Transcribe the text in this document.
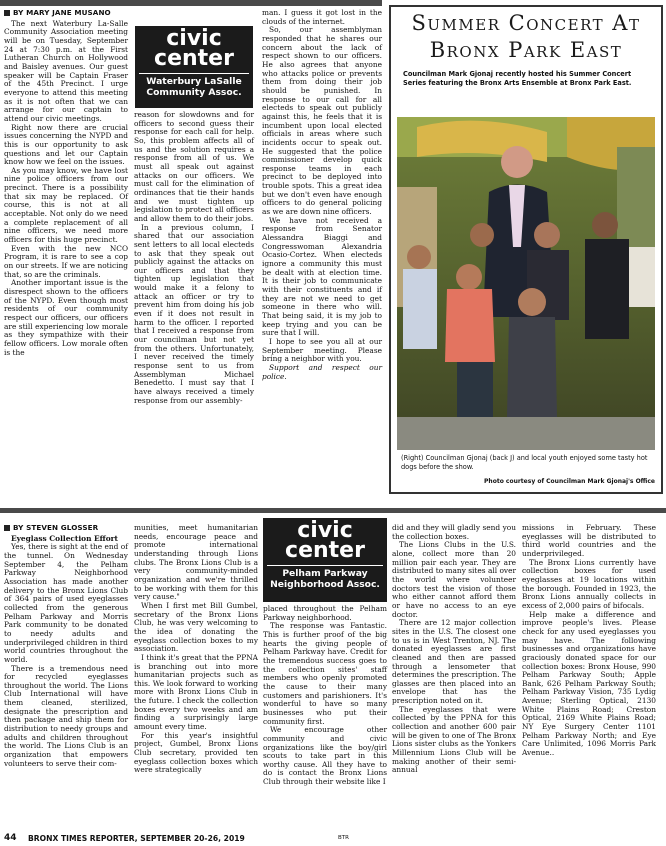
BY MARY JANE MUSANO

The next Waterbury La-Salle Community Association meeting will be on Tuesday, September 24 at 7:30 p.m. at the First Lutheran Church on Hollywood and Baisley avenues. Our guest speaker will be Captain Fraser of the 45th Precinct. I urge everyone to attend this meeting as it is not often that we can arrange for our captain to attend our civic meetings.

Right now there are crucial issues concerning the NYPD and this is our opportunity to ask questions and let our Captain know how we feel on the issues.

As you may know, we have lost nine police officers from our precinct. There is a possibility that six may be replaced. Of course, this is not at all acceptable. Not only do we need a complete replacement of all nine officers, we need more officers for this huge precinct.

Even with the new NCO Program, it is rare to see a cop on our streets. If we are noticing that, so are the criminals.

Another important issue is the disrespect shown to the officers of the NYPD. Even though most residents of our community respect our officers, our officers are still experiencing low morale as they sympathize with their fellow officers. Low morale often is the

civic
center
Waterbury LaSalle
Community Assoc.

reason for slowdowns and for officers to second guess their response for each call for help. So, this problem affects all of us and the solution requires a response from all of us. We must all speak out against attacks on our officers. We must call for the elimination of ordinances that tie their hands and we must tighten up legislation to protect all officers and allow them to do their jobs.

In a previous column, I shared that our association sent letters to all local electeds to ask that they speak out publicly against the attacks on our officers and that they tighten up legislation that would make it a felony to attack an officer or try to prevent him from doing his job even if it does not result in harm to the officer. I reported that I received a response from our councilman but not yet from the others. Unfortunately, I never received the timely response sent to us from Assemblyman Michael Benedetto. I must say that I have always received a timely response from our assembly-

man. I guess it got lost in the clouds of the internet.

So, our assemblyman responded that he shares our concern about the lack of respect shown to our officers. He also agrees that anyone who attacks police or prevents them from doing their job should be punished. In response to our call for all electeds to speak out publicly against this, he feels that it is incumbent upon local elected officials in areas where such incidents occur to speak out. He suggested that the police commissioner develop quick response teams in each precinct to be deployed into trouble spots. This a great idea but we don't even have enough officers to do general policing as we are down nine officers.

We have not received a response from Senator Alessandra Biaggi and Congresswoman Alexandria Ocasio-Cortez. When electeds ignore a community this must be dealt with at election time. It is their job to communicate with their constituents and if they are not we need to get someone in there who will. That being said, it is my job to keep trying and you can be sure that I will.

I hope to see you all at our September meeting. Please bring a neighbor with you.

Support and respect our police.

Summer Concert At
Bronx Park East
Councilman Mark Gjonaj recently hosted his Summer Concert Series featuring the Bronx Arts Ensemble at Bronx Park East.
(Right) Councilman Gjonaj (back J) and local youth enjoyed some tasty hot dogs before the show.
Photo courtesy of Councilman Mark Gjonaj's Office
BY STEVEN GLOSSER

Eyeglass Collection Effort

Yes, there is sight at the end of the tunnel. On Wednesday September 4, the Pelham Parkway Neighborhood Association has made another delivery to the Bronx Lions Club of 364 pairs of used eyeglasses collected from the generous Pelham Parkway and Morris Park community to be donated to needy adults and underprivileged children in third world countries throughout the world.

There is a tremendous need for recycled eyeglasses throughout the world. The Lions Club International will have them cleaned, sterilized, designate the prescription and then package and ship them for distribution to needy groups and adults and children throughout the world. The Lions Club is an organization that empowers volunteers to serve their com-

munities, meet humanitarian needs, encourage peace and promote international understanding through Lions clubs. The Bronx Lions Club is a very community-minded organization and we're thrilled to be working with them for this very cause."

When I first met Bill Gumbel, secretary of the Bronx Lions Club, he was very welcoming to the idea of donating the eyeglass collection boxes to my association.

I think it's great that the PPNA is branching out into more humanitarian projects such as this. We look forward to working more with Bronx Lions Club in the future. I check the collection boxes every two weeks and am finding a surprisingly large amount every time.

For this year's insightful project, Gumbel, Bronx Lions Club secretary, provided ten eyeglass collection boxes which were strategically

civic
center
Pelham Parkway
Neighborhood Assoc.

placed throughout the Pelham Parkway neighborhood.

The response was Fantastic. This is further proof of the big hearts the giving people of Pelham Parkway have. Credit for the tremendous success goes to the collection sites' staff members who openly promoted the cause to their many customers and parishioners. It's wonderful to have so many businesses who put their community first.

We encourage other community and civic organizations like the boy/girl scouts to take part in this worthy cause. All they have to do is contact the Bronx Lions Club through their website like I

did and they will gladly send you the collection boxes.

The Lions Clubs in the U.S. alone, collect more than 20 million pair each year. They are distributed to many sites all over the world where volunteer doctors test the vision of those who either cannot afford them or have no access to an eye doctor.

There are 12 major collection sites in the U.S. The closest one to us is in West Trenton, NJ. The donated eyeglasses are first cleaned and then are passed through a lensometer that determines the prescription. The glasses are then placed into an envelope that has the prescription noted on it.

The eyeglasses that were collected by the PPNA for this collection and another 600 pair will be given to one of The Bronx Lions sister clubs as the Yonkers Millennium Lions Club will be making another of their semi-annual

missions in February. These eyeglasses will be distributed to third world countries and the underprivileged.

The Bronx Lions currently have collection boxes for used eyeglasses at 19 locations within the borough. Founded in 1923, the Bronx Lions annually collects in excess of 2,000 pairs of bifocals.

Help make a difference and improve people's lives. Please check for any used eyeglasses you may have. The following businesses and organizations have graciously donated space for our collection boxes: Bronx House, 990 Pelham Parkway South; Apple Bank, 626 Pelham Parkway South; Pelham Parkway Vision, 735 Lydig Avenue; Sterling Optical, 2130 White Plains Road; Creston Optical, 2169 White Plains Road; NY Eye Surgery Center 1101 Pelham Parkway North; and Eye Care Unlimited, 1096 Morris Park Avenue..

44 BRONX TIMES REPORTER, SEPTEMBER 20-26, 2019	BTR
